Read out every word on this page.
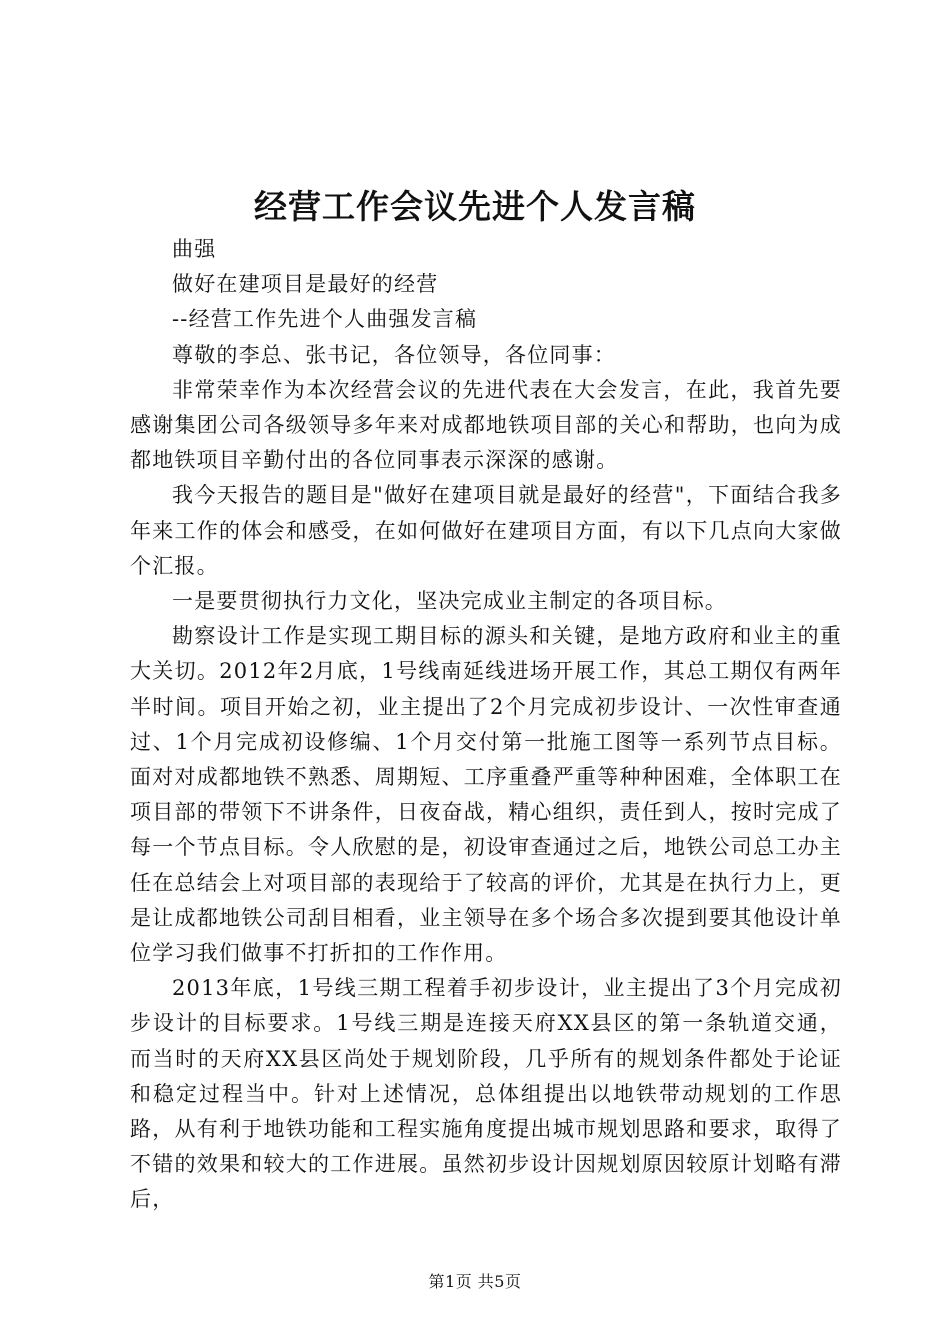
经营工作会议先进个人发言稿

曲强

做好在建项目是最好的经营

--经营工作先进个人曲强发言稿

尊敬的李总、张书记，各位领导，各位同事：

非常荣幸作为本次经营会议的先进代表在大会发言，在此，我首先要感谢集团公司各级领导多年来对成都地铁项目部的关心和帮助，也向为成都地铁项目辛勤付出的各位同事表示深深的感谢。

我今天报告的题目是"做好在建项目就是最好的经营"，下面结合我多年来工作的体会和感受，在如何做好在建项目方面，有以下几点向大家做个汇报。

一是要贯彻执行力文化，坚决完成业主制定的各项目标。

勘察设计工作是实现工期目标的源头和关键，是地方政府和业主的重大关切。2012年2月底，1号线南延线进场开展工作，其总工期仅有两年半时间。项目开始之初，业主提出了2个月完成初步设计、一次性审查通过、1个月完成初设修编、1个月交付第一批施工图等一系列节点目标。面对对成都地铁不熟悉、周期短、工序重叠严重等种种困难，全体职工在项目部的带领下不讲条件，日夜奋战，精心组织，责任到人，按时完成了每一个节点目标。令人欣慰的是，初设审查通过之后，地铁公司总工办主任在总结会上对项目部的表现给于了较高的评价，尤其是在执行力上，更是让成都地铁公司刮目相看，业主领导在多个场合多次提到要其他设计单位学习我们做事不打折扣的工作作用。

2013年底，1号线三期工程着手初步设计，业主提出了3个月完成初步设计的目标要求。1号线三期是连接天府XX县区的第一条轨道交通，而当时的天府XX县区尚处于规划阶段，几乎所有的规划条件都处于论证和稳定过程当中。针对上述情况，总体组提出以地铁带动规划的工作思路，从有利于地铁功能和工程实施角度提出城市规划思路和要求，取得了不错的效果和较大的工作进展。虽然初步设计因规划原因较原计划略有滞后，

第1页 共5页
